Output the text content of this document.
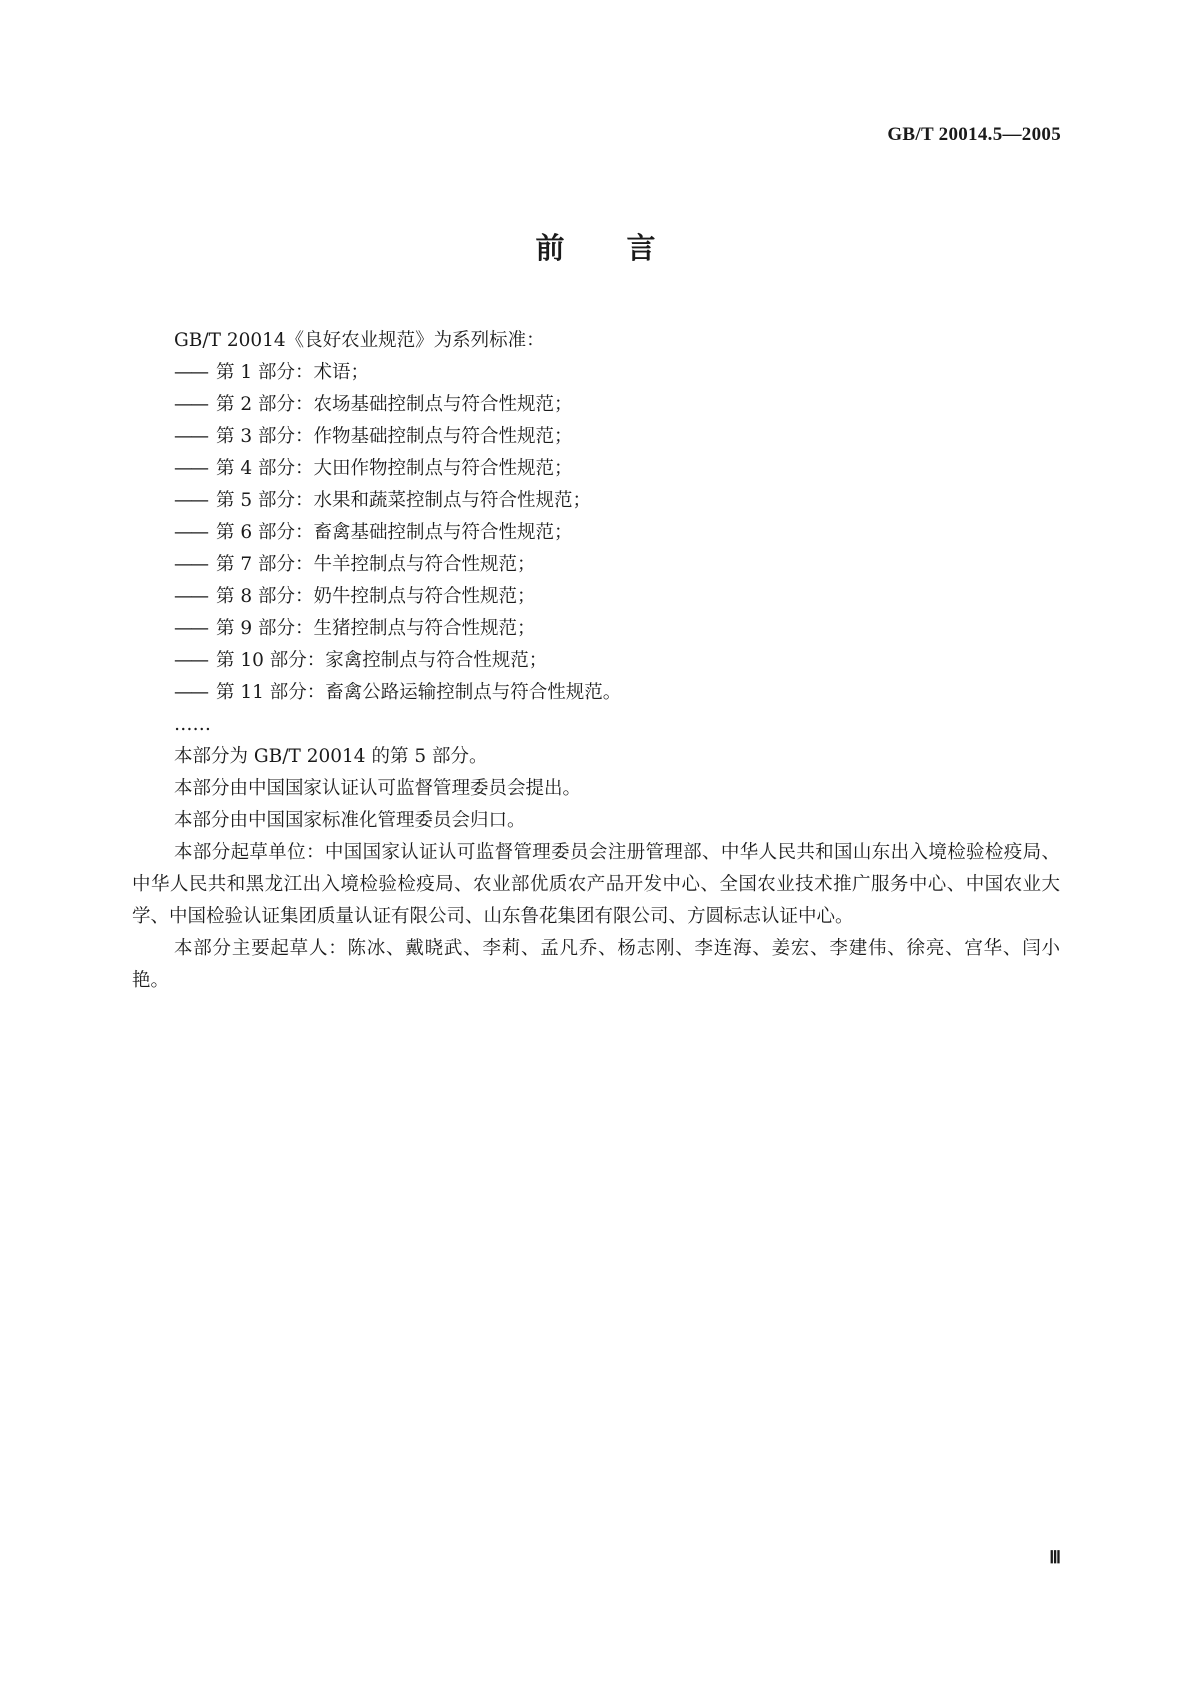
GB/T 20014.5—2005
前言

GB/T 20014《良好农业规范》为系列标准：

—— 第 1 部分：术语；

—— 第 2 部分：农场基础控制点与符合性规范；

—— 第 3 部分：作物基础控制点与符合性规范；

—— 第 4 部分：大田作物控制点与符合性规范；

—— 第 5 部分：水果和蔬菜控制点与符合性规范；

—— 第 6 部分：畜禽基础控制点与符合性规范；

—— 第 7 部分：牛羊控制点与符合性规范；

—— 第 8 部分：奶牛控制点与符合性规范；

—— 第 9 部分：生猪控制点与符合性规范；

—— 第 10 部分：家禽控制点与符合性规范；

—— 第 11 部分：畜禽公路运输控制点与符合性规范。

……

本部分为 GB/T 20014 的第 5 部分。

本部分由中国国家认证认可监督管理委员会提出。

本部分由中国国家标准化管理委员会归口。

本部分起草单位：中国国家认证认可监督管理委员会注册管理部、中华人民共和国山东出入境检验检疫局、中华人民共和黑龙江出入境检验检疫局、农业部优质农产品开发中心、全国农业技术推广服务中心、中国农业大学、中国检验认证集团质量认证有限公司、山东鲁花集团有限公司、方圆标志认证中心。

本部分主要起草人：陈冰、戴晓武、李莉、孟凡乔、杨志刚、李连海、姜宏、李建伟、徐亮、宫华、闫小艳。

Ⅲ
